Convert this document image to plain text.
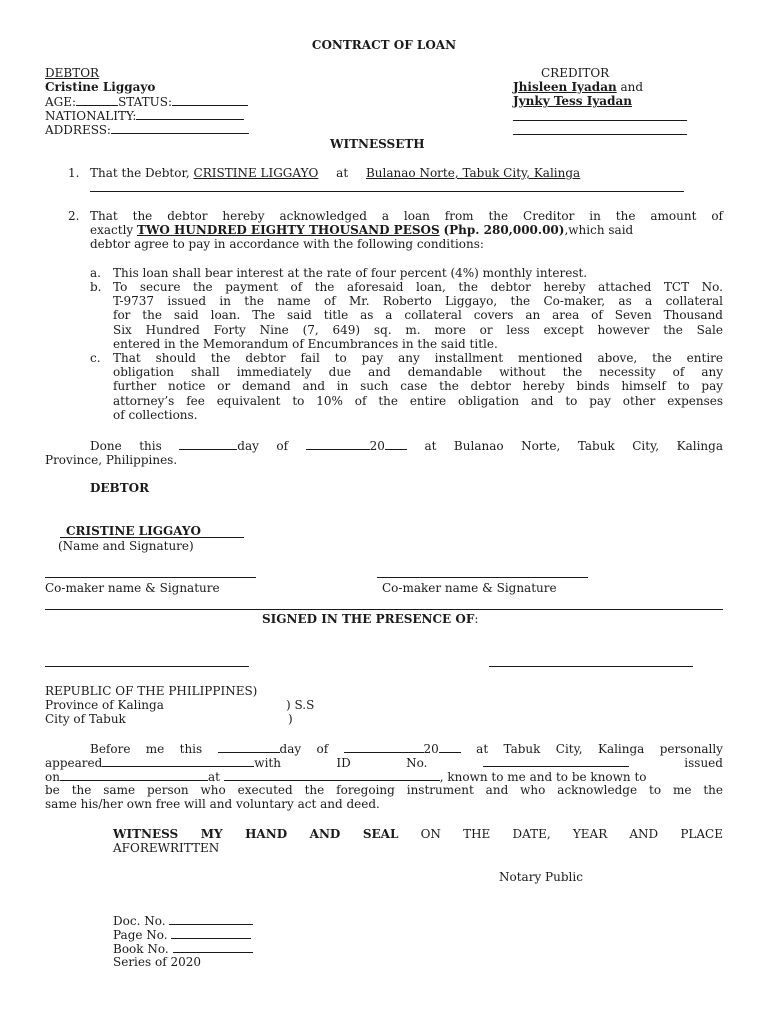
CONTRACT OF LOAN
DEBTOR
Cristine Liggayo
AGE:	STATUS:
NATIONALITY:
ADDRESS:
CREDITOR
Jhisleen Iyadan and
Jynky Tess Iyadan
WITNESSETH
1. That the Debtor, CRISTINE LIGGAYO at Bulanao Norte, Tabuk City, Kalinga
2. That the debtor hereby acknowledged a loan from the Creditor in the amount of
exactly TWO HUNDRED EIGHTY THOUSAND PESOS (Php. 280,000.00),which said
debtor agree to pay in accordance with the following conditions:
a. This loan shall bear interest at the rate of four percent (4%) monthly interest.
b. To secure the payment of the aforesaid loan, the debtor hereby attached TCT No.
T-9737 issued in the name of Mr. Roberto Liggayo, the Co-maker, as a collateral
for the said loan. The said title as a collateral covers an area of Seven Thousand
Six Hundred Forty Nine (7, 649) sq. m. more or less except however the Sale
entered in the Memorandum of Encumbrances in the said title.
c. That should the debtor fail to pay any installment mentioned above, the entire
obligation shall immediately due and demandable without the necessity of any
further notice or demand and in such case the debtor hereby binds himself to pay
attorney’s fee equivalent to 10% of the entire obligation and to pay other expenses
of collections.
Done this	day of	20	at Bulanao Norte, Tabuk City, Kalinga
Province, Philippines.
DEBTOR
CRISTINE LIGGAYO
(Name and Signature)
Co-maker name & Signature	Co-maker name & Signature
SIGNED IN THE PRESENCE OF:
REPUBLIC OF THE PHILIPPINES)
Province of Kalinga	) S.S
City of Tabuk	)
Before me this	day of	20	at Tabuk City, Kalinga personally
appeared	with	ID	No.	issued
on	at	, known to me and to be known to
be the same person who executed the foregoing instrument and who acknowledge to me the
same his/her own free will and voluntary act and deed.
WITNESS MY HAND AND SEAL ON THE DATE, YEAR AND PLACE
AFOREWRITTEN
Notary Public
Doc. No.
Page No.
Book No.
Series of 2020
